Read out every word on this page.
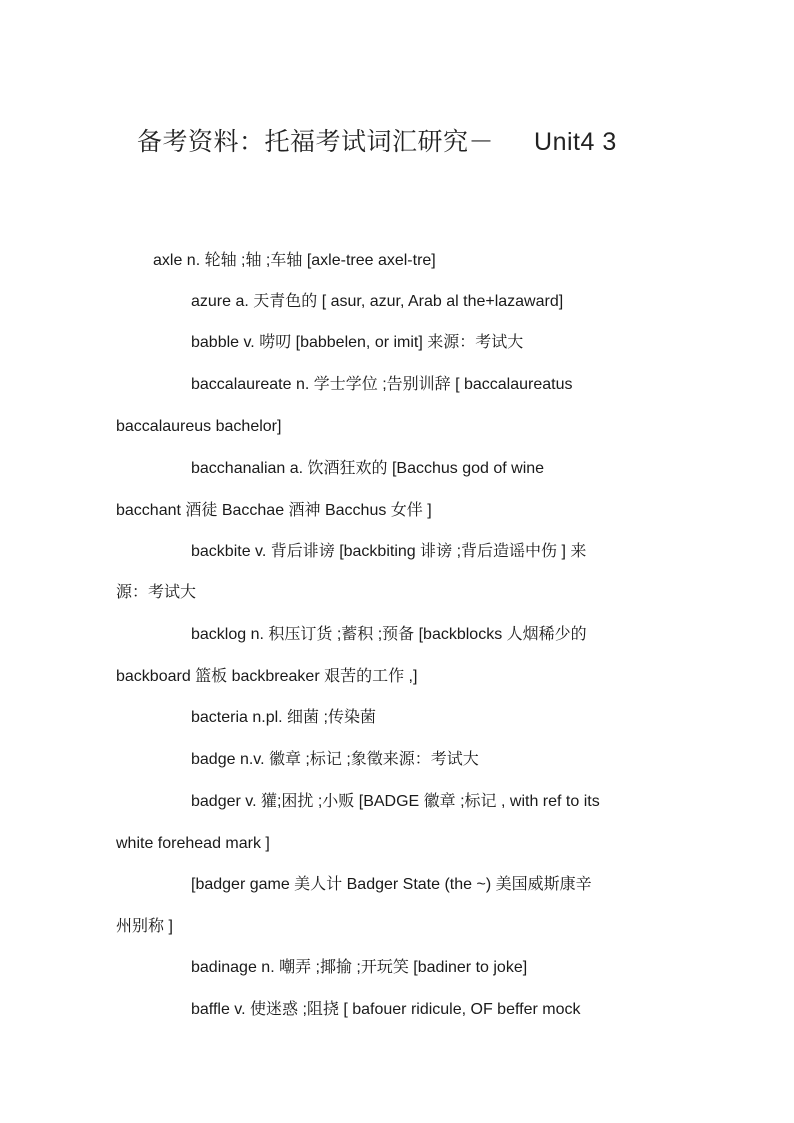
备考资料：托福考试词汇研究－ Unit4 3
axle n. 轮轴 ;轴 ;车轴 [axle-tree axel-tre]
azure a. 天青色的 [ asur, azur, Arab al the+lazaward]
babble v. 唠叨 [babbelen, or imit] 来源：考试大
baccalaureate n. 学士学位 ;告别训辞 [ baccalaureatus
baccalaureus bachelor]
bacchanalian a. 饮酒狂欢的 [Bacchus god of wine
bacchant 酒徒 Bacchae 酒神 Bacchus 女伴 ]
backbite v. 背后诽谤 [backbiting 诽谤 ;背后造谣中伤 ] 来
源：考试大
backlog n. 积压订货 ;蓄积 ;预备 [backblocks 人烟稀少的
backboard 篮板 backbreaker 艰苦的工作 ,]
bacteria n.pl. 细菌 ;传染菌
badge n.v. 徽章 ;标记 ;象徵来源：考试大
badger v. 獾;困扰 ;小贩 [BADGE 徽章 ;标记 , with ref to its
white forehead mark ]
[badger game 美人计 Badger State (the ~) 美国威斯康辛
州别称 ]
badinage n. 嘲弄 ;揶揄 ;开玩笑 [badiner to joke]
baffle v. 使迷惑 ;阻挠 [ bafouer ridicule, OF beffer mock
